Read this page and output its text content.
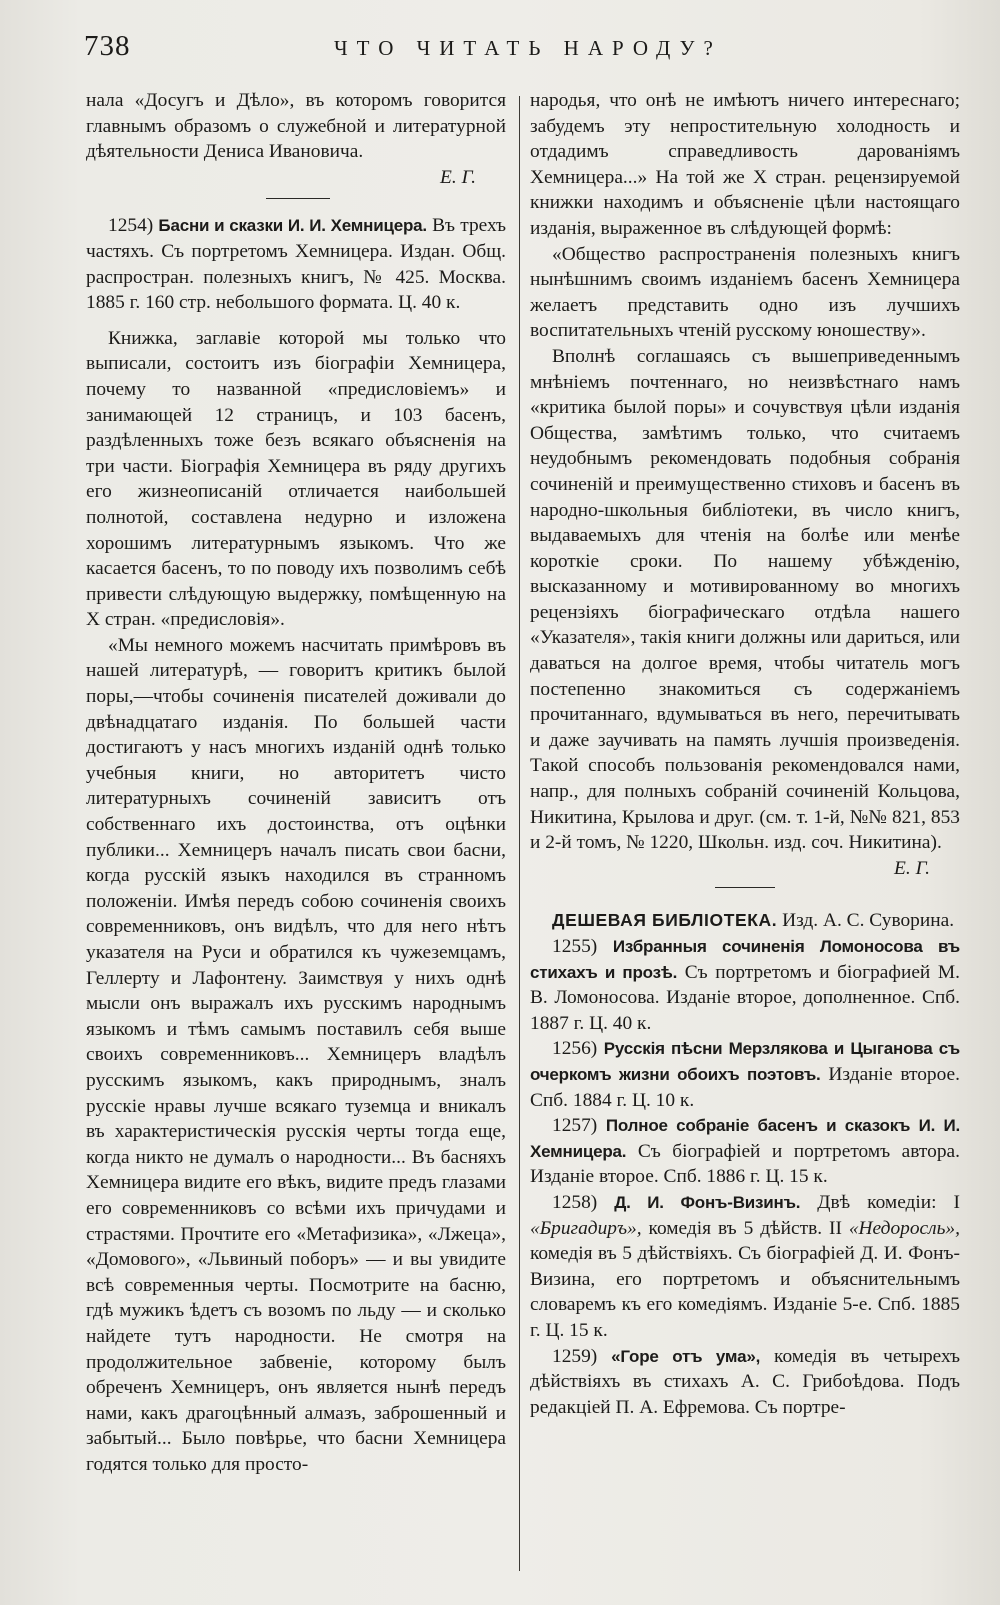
738	ЧТО ЧИТАТЬ НАРОДУ?

нала «Досугъ и Дѣло», въ которомъ говорится главнымъ образомъ о служебной и литературной дѣятельности Дениса Ивановича.

Е. Г.

1254) Басни и сказки И. И. Хемницера. Въ трехъ частяхъ. Съ портретомъ Хемницера. Издан. Общ. распростран. полезныхъ книгъ, № 425. Москва. 1885 г. 160 стр. небольшого формата. Ц. 40 к.

Книжка, заглавіе которой мы только что выписали, состоитъ изъ біографіи Хемницера, почему то названной «предисловіемъ» и занимающей 12 страницъ, и 103 басенъ, раздѣленныхъ тоже безъ всякаго объясненія на три части. Біографія Хемницера въ ряду другихъ его жизнеописаній отличается наибольшей полнотой, составлена недурно и изложена хорошимъ литературнымъ языкомъ. Что же касается басенъ, то по поводу ихъ позволимъ себѣ привести слѣдующую выдержку, помѣщенную на X стран. «предисловія».

«Мы немного можемъ насчитать примѣровъ въ нашей литературѣ, — говоритъ критикъ былой поры,—чтобы сочиненія писателей доживали до двѣнадцатаго изданія. По большей части достигаютъ у насъ многихъ изданій однѣ только учебныя книги, но авторитетъ чисто литературныхъ сочиненій зависитъ отъ собственнаго ихъ достоинства, отъ оцѣнки публики... Хемницеръ началъ писать свои басни, когда русскій языкъ находился въ странномъ положеніи. Имѣя передъ собою сочиненія своихъ современниковъ, онъ видѣлъ, что для него нѣтъ указателя на Руси и обратился къ чужеземцамъ, Геллерту и Лафонтену. Заимствуя у нихъ однѣ мысли онъ выражалъ ихъ русскимъ народнымъ языкомъ и тѣмъ самымъ поставилъ себя выше своихъ современниковъ... Хемницеръ владѣлъ русскимъ языкомъ, какъ природнымъ, зналъ русскіе нравы лучше всякаго туземца и вникалъ въ характеристическія русскія черты тогда еще, когда никто не думалъ о народности... Въ басняхъ Хемницера видите его вѣкъ, видите предъ глазами его современниковъ со всѣми ихъ причудами и страстями. Прочтите его «Метафизика», «Лжеца», «Домового», «Львиный поборъ» — и вы увидите всѣ современныя черты. Посмотрите на басню, гдѣ мужикъ ѣдетъ съ возомъ по льду — и сколько найдете тутъ народности. Не смотря на продолжительное забвеніе, которому былъ обреченъ Хемницеръ, онъ является нынѣ передъ нами, какъ драгоцѣнный алмазъ, заброшенный и забытый... Было повѣрье, что басни Хемницера годятся только для просто-

народья, что онѣ не имѣютъ ничего интереснаго; забудемъ эту непростительную холодность и отдадимъ справедливость дарованіямъ Хемницера...» На той же X стран. рецензируемой книжки находимъ и объясненіе цѣли настоящаго изданія, выраженное въ слѣдующей формѣ:

«Общество распространенія полезныхъ книгъ нынѣшнимъ своимъ изданіемъ басенъ Хемницера желаетъ представить одно изъ лучшихъ воспитательныхъ чтеній русскому юношеству».

Вполнѣ соглашаясь съ вышеприведеннымъ мнѣніемъ почтеннаго, но неизвѣстнаго намъ «критика былой поры» и сочувствуя цѣли изданія Общества, замѣтимъ только, что считаемъ неудобнымъ рекомендовать подобныя собранія сочиненій и преимущественно стиховъ и басенъ въ народно-школьныя библіотеки, въ число книгъ, выдаваемыхъ для чтенія на болѣе или менѣе короткіе сроки. По нашему убѣжденію, высказанному и мотивированному во многихъ рецензіяхъ біографическаго отдѣла нашего «Указателя», такія книги должны или дариться, или даваться на долгое время, чтобы читатель могъ постепенно знакомиться съ содержаніемъ прочитаннаго, вдумываться въ него, перечитывать и даже заучивать на память лучшія произведенія. Такой способъ пользованія рекомендовался нами, напр., для полныхъ собраній сочиненій Кольцова, Никитина, Крылова и друг. (см. т. 1-й, №№ 821, 853 и 2-й томъ, № 1220, Школьн. изд. соч. Никитина).

Е. Г.

ДЕШЕВАЯ БИБЛІОТЕКА. Изд. А. С. Суворина.

1255) Избранныя сочиненія Ломоносова въ стихахъ и прозѣ. Съ портретомъ и біографией М. В. Ломоносова. Изданіе второе, дополненное. Спб. 1887 г. Ц. 40 к.

1256) Русскія пѣсни Мерзлякова и Цыганова съ очеркомъ жизни обоихъ поэтовъ. Изданіе второе. Спб. 1884 г. Ц. 10 к.

1257) Полное собраніе басенъ и сказокъ И. И. Хемницера. Съ біографіей и портретомъ автора. Изданіе второе. Спб. 1886 г. Ц. 15 к.

1258) Д. И. Фонъ-Визинъ. Двѣ комедіи: I «Бригадиръ», комедія въ 5 дѣйств. II «Недоросль», комедія въ 5 дѣйствіяхъ. Съ біографіей Д. И. Фонъ-Визина, его портретомъ и объяснительнымъ словаремъ къ его комедіямъ. Изданіе 5-е. Спб. 1885 г. Ц. 15 к.

1259) «Горе отъ ума», комедія въ четырехъ дѣйствіяхъ въ стихахъ А. С. Грибоѣдова. Подъ редакціей П. А. Ефремова. Съ портре-
